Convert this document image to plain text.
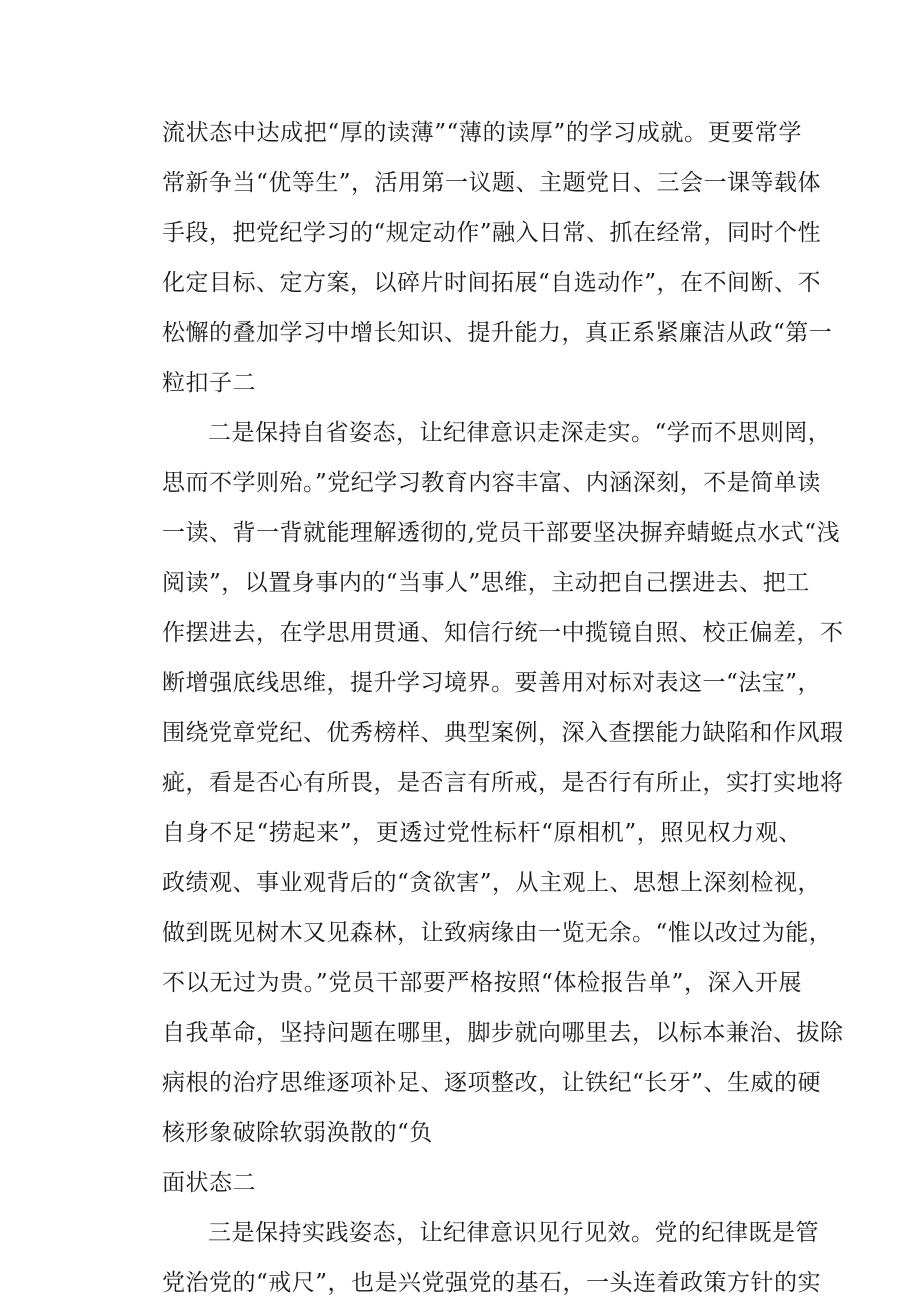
流状态中达成把“厚的读薄”“薄的读厚”的学习成就。更要常学
常新争当“优等生”，活用第一议题、主题党日、三会一课等载体
手段，把党纪学习的“规定动作”融入日常、抓在经常，同时个性
化定目标、定方案，以碎片时间拓展“自选动作”，在不间断、不
松懈的叠加学习中增长知识、提升能力，真正系紧廉洁从政“第一
粒扣子二
二是保持自省姿态，让纪律意识走深走实。“学而不思则罔，
思而不学则殆。”党纪学习教育内容丰富、内涵深刻，不是简单读
一读、背一背就能理解透彻的,党员干部要坚决摒弃蜻蜓点水式“浅
阅读”，以置身事内的“当事人”思维，主动把自己摆进去、把工
作摆进去，在学思用贯通、知信行统一中揽镜自照、校正偏差，不
断增强底线思维，提升学习境界。要善用对标对表这一“法宝”，
围绕党章党纪、优秀榜样、典型案例，深入查摆能力缺陷和作风瑕
疵，看是否心有所畏，是否言有所戒，是否行有所止，实打实地将
自身不足“捞起来”，更透过党性标杆“原相机”，照见权力观、
政绩观、事业观背后的“贪欲害”，从主观上、思想上深刻检视，
做到既见树木又见森林，让致病缘由一览无余。“惟以改过为能，
不以无过为贵。”党员干部要严格按照“体检报告单”，深入开展
自我革命，坚持问题在哪里，脚步就向哪里去，以标本兼治、拔除
病根的治疗思维逐项补足、逐项整改，让铁纪“长牙”、生威的硬
核形象破除软弱涣散的“负
面状态二
三是保持实践姿态，让纪律意识见行见效。党的纪律既是管
党治党的“戒尺”，也是兴党强党的基石，一头连着政策方针的实
